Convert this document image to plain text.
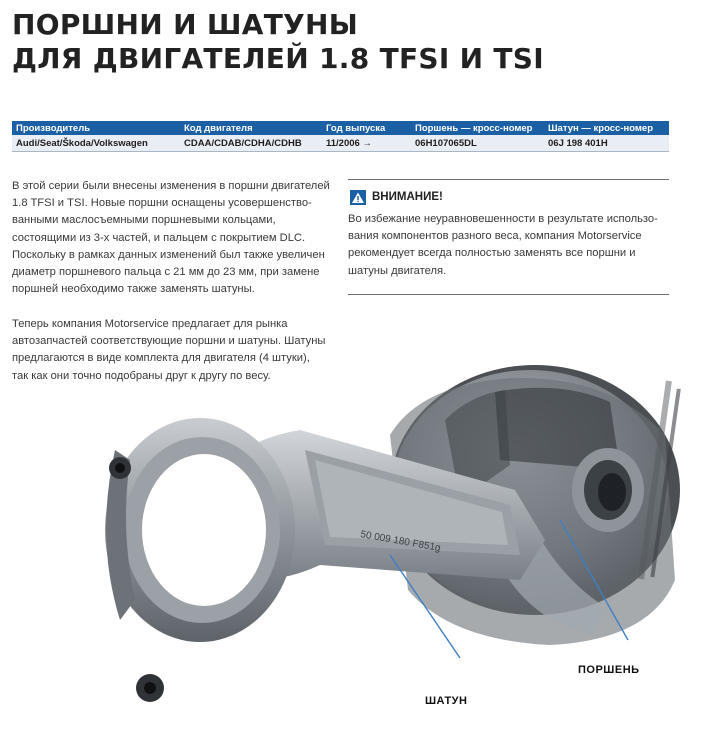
ПОРШНИ И ШАТУНЫ
ДЛЯ ДВИГАТЕЛЕЙ 1.8 TFSI И TSI
Производитель	Код двигателя	Год выпуска	Поршень — кросс-номер	Шатун — кросс-номер
Audi/Seat/Škoda/Volkswagen	CDAA/CDAB/CDHA/CDHB	11/2006 →	06H107065DL	06J 198 401H

В этой серии были внесены изменения в поршни двигателей
1.8 TFSI и TSI. Новые поршни оснащены усовершенство-
ванными маслосъемными поршневыми кольцами,
состоящими из 3-х частей, и пальцем с покрытием DLC.
Поскольку в рамках данных изменений был также увеличен
диаметр поршневого пальца с 21 мм до 23 мм, при замене
поршней необходимо также заменять шатуны.

Теперь компания Motorservice предлагает для рынка
автозапчастей соответствующие поршни и шатуны. Шатуны
предлагаются в виде комплекта для двигателя (4 штуки),
так как они точно подобраны друг к другу по весу.

ВНИМАНИЕ!

Во избежание неуравновешенности в результате использо-
вания компонентов разного веса, компания Motorservice
рекомендует всегда полностью заменять все поршни и
шатуны двигателя.

50 009 180 F851g
ПОРШЕНЬ
ШАТУН
